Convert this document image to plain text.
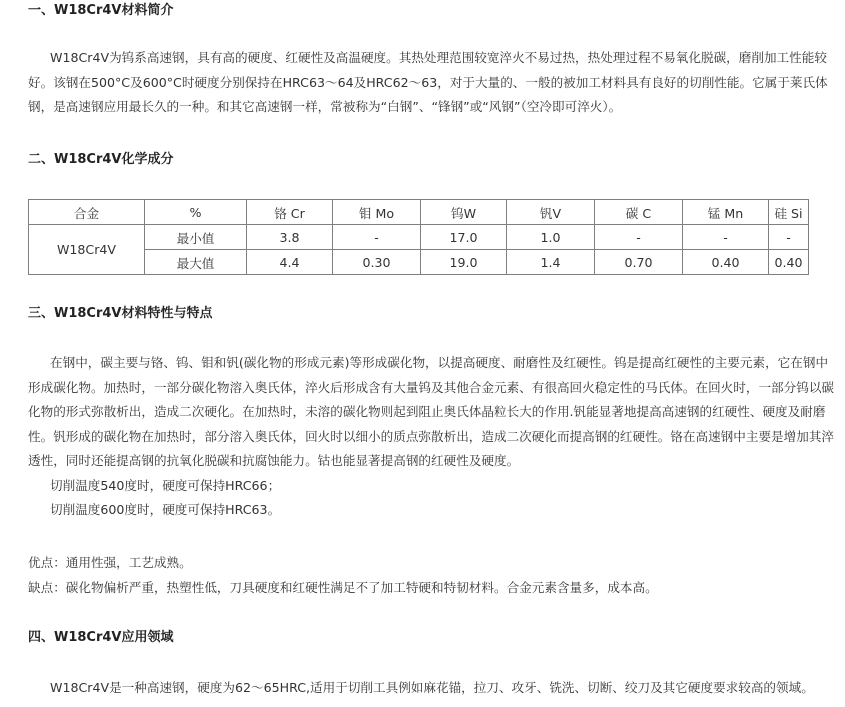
一、W18Cr4V材料简介
W18Cr4V为钨系高速钢，具有高的硬度、红硬性及高温硬度。其热处理范围较宽淬火不易过热，热处理过程不易氧化脱碳，磨削加工性能较
好。该钢在500°C及600°C时硬度分别保持在HRC63～64及HRC62～63，对于大量的、一般的被加工材料具有良好的切削性能。它属于莱氏体
钢，是高速钢应用最长久的一种。和其它高速钢一样，常被称为“白钢”、“锋钢”或“风钢”（空冷即可淬火）。
二、W18Cr4V化学成分
合金	%	铬 Cr	钼 Mo	钨W	钒V	碳 C	锰 Mn	硅 Si
W18Cr4V	最小值	3.8	-	17.0	1.0	-	-	-
	最大值	4.4	0.30	19.0	1.4	0.70	0.40	0.40
三、W18Cr4V材料特性与特点
在钢中，碳主要与铬、钨、钼和钒(碳化物的形成元素)等形成碳化物，以提高硬度、耐磨性及红硬性。钨是提高红硬性的主要元素，它在钢中
形成碳化物。加热时，一部分碳化物溶入奥氏体，淬火后形成含有大量钨及其他合金元素、有很高回火稳定性的马氏体。在回火时，一部分钨以碳
化物的形式弥散析出，造成二次硬化。在加热时，未溶的碳化物则起到阻止奥氏体晶粒长大的作用.钒能显著地提高高速钢的红硬性、硬度及耐磨
性。钒形成的碳化物在加热时，部分溶入奥氏体，回火时以细小的质点弥散析出，造成二次硬化而提高钢的红硬性。铬在高速钢中主要是增加其淬
透性，同时还能提高钢的抗氧化脱碳和抗腐蚀能力。钴也能显著提高钢的红硬性及硬度。
切削温度540度时，硬度可保持HRC66；
切削温度600度时，硬度可保持HRC63。
优点：通用性强，工艺成熟。
缺点：碳化物偏析严重，热塑性低，刀具硬度和红硬性满足不了加工特硬和特韧材料。合金元素含量多，成本高。
四、W18Cr4V应用领域
W18Cr4V是一种高速钢，硬度为62～65HRC,适用于切削工具例如麻花锚，拉刀、攻牙、铣洗、切断、绞刀及其它硬度要求较高的领域。
